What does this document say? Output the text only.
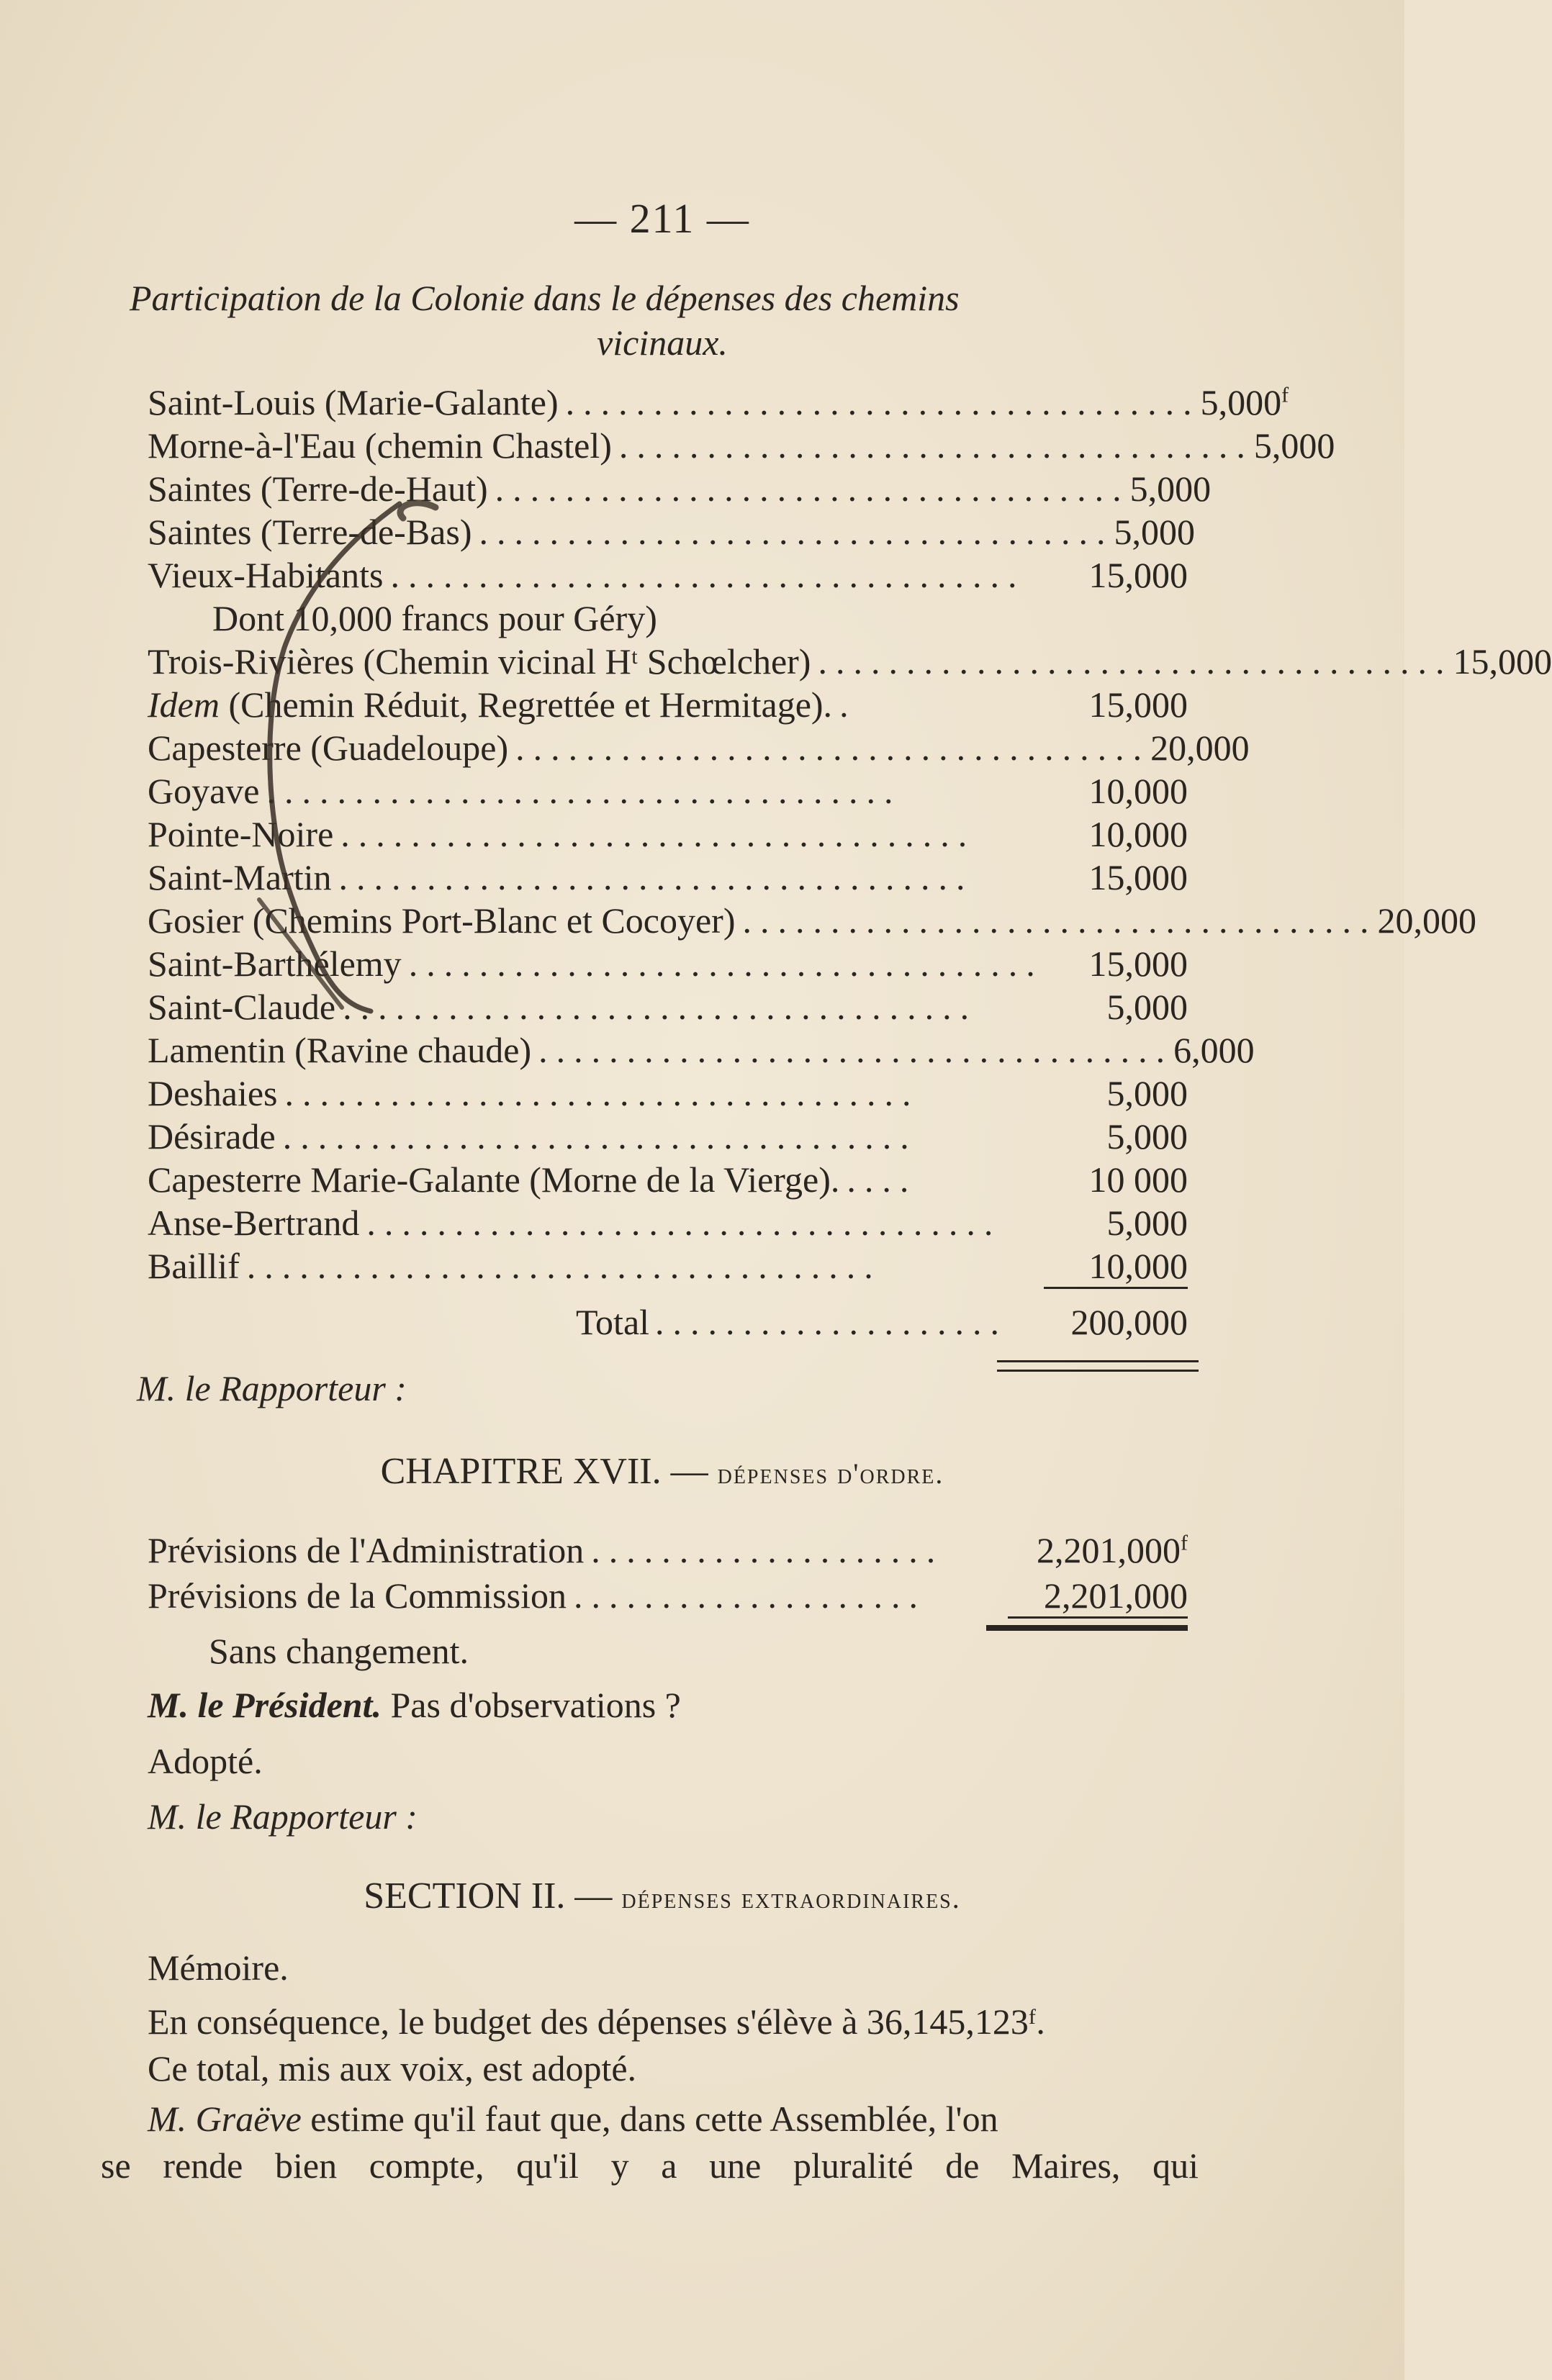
— 211 —
Participation de la Colonie dans le dépenses des chemins
vicinaux.
Saint-Louis (Marie-Galante) .................................... 5,000$^f$
Morne-à-l'Eau (chemin Chastel) .................................... 5,000
Saintes (Terre-de-Haut) .................................... 5,000
Saintes (Terre-de-Bas) .................................... 5,000
Vieux-Habitants ....................................	15,000
Dont 10,000 francs pour Géry)
Trois-Rivières (Chemin vicinal Hᵗ Schœlcher) .................................... 15,000
Idem (Chemin Réduit, Regrettée et Hermitage). .	15,000
Capesterre (Guadeloupe) .................................... 20,000
Goyave ....................................	10,000
Pointe-Noire ....................................	10,000
Saint-Martin ....................................	15,000
Gosier (Chemins Port-Blanc et Cocoyer) .................................... 20,000
Saint-Barthélemy ....................................	15,000
Saint-Claude ....................................	5,000
Lamentin (Ravine chaude) .................................... 6,000
Deshaies ....................................	5,000
Désirade ....................................	5,000
Capesterre Marie-Galante (Morne de la Vierge). ....	10 000
Anse-Bertrand ....................................	5,000
Baillif ....................................	10,000
Total ....................	200,000
M. le Rapporteur :
CHAPITRE XVII. — dépenses d'ordre.
Prévisions de l'Administration ....................	2,201,000$^f$
Prévisions de la Commission ....................	2,201,000
Sans changement.
M. le Président. Pas d'observations ?
Adopté.
M. le Rapporteur :
SECTION II. — dépenses extraordinaires.
Mémoire.
En conséquence, le budget des dépenses s'élève à 36,145,123ᶠ.
Ce total, mis aux voix, est adopté.
M. Graëve estime qu'il faut que, dans cette Assemblée, l'on
se rende bien compte, qu'il y a une pluralité de Maires, qui
